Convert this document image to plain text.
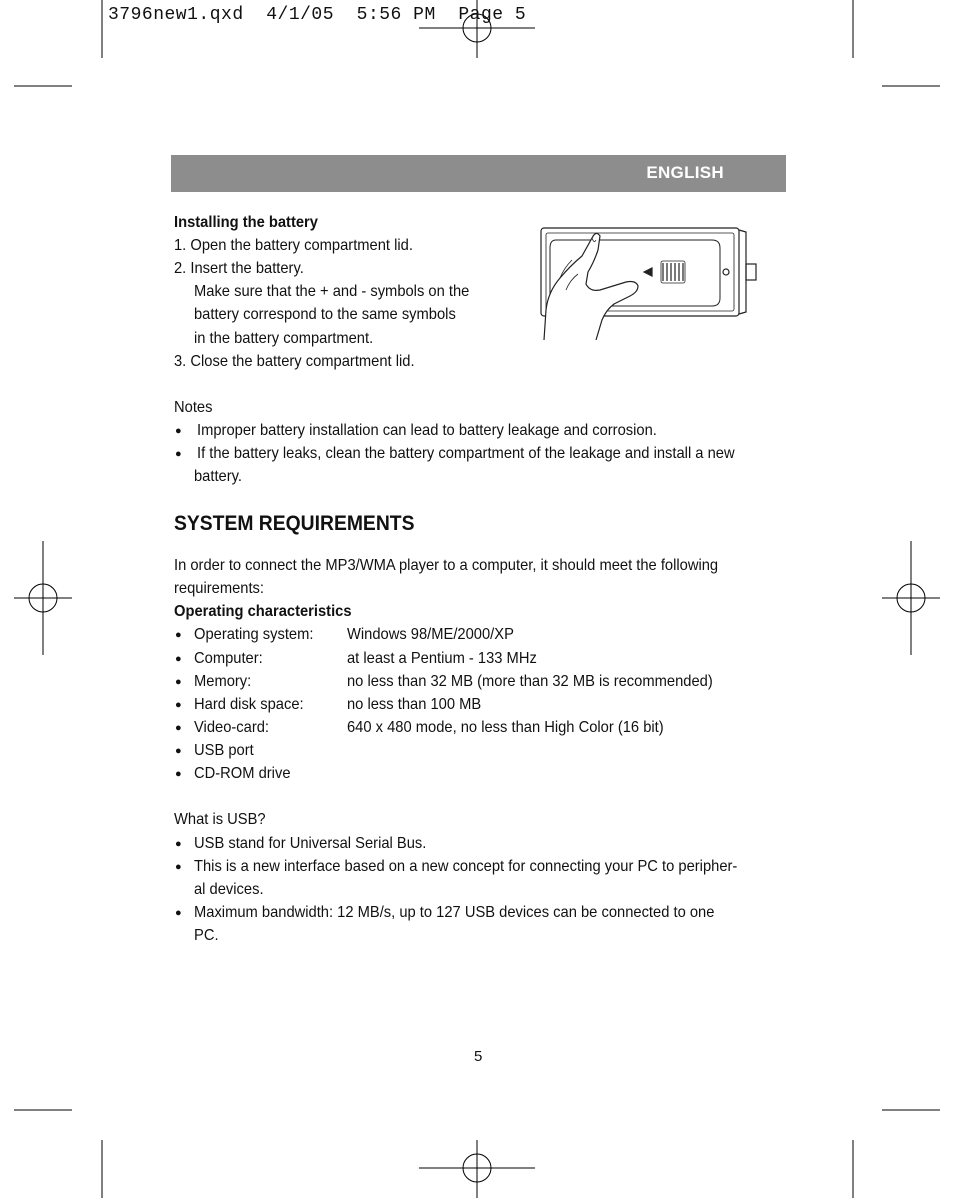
3796new1.qxd  4/1/05  5:56 PM  Page 5
ENGLISH
Installing the battery
1. Open the battery compartment lid.
2. Insert the battery.
Make sure that the + and - symbols on the
battery correspond to the same symbols
in the battery compartment.
3. Close the battery compartment lid.
Notes
● Improper battery installation can lead to battery leakage and corrosion.
● If the battery leaks, clean the battery compartment of the leakage and install a new
battery.
SYSTEM REQUIREMENTS
In order to connect the MP3/WMA player to a computer, it should meet the following
requirements:
Operating characteristics
● Operating system: Windows 98/ME/2000/XP
● Computer:	at least a Pentium - 133 MHz
● Memory:	no less than 32 MB (more than 32 MB is recommended)
● Hard disk space:	no less than 100 MB
● Video-card:	640 x 480 mode, no less than High Color (16 bit)
● USB port
● CD-ROM drive
What is USB?
● USB stand for Universal Serial Bus.
● This is a new interface based on a new concept for connecting your PC to peripher-
al devices.
● Maximum bandwidth: 12 MB/s, up to 127 USB devices can be connected to one
PC.
5
